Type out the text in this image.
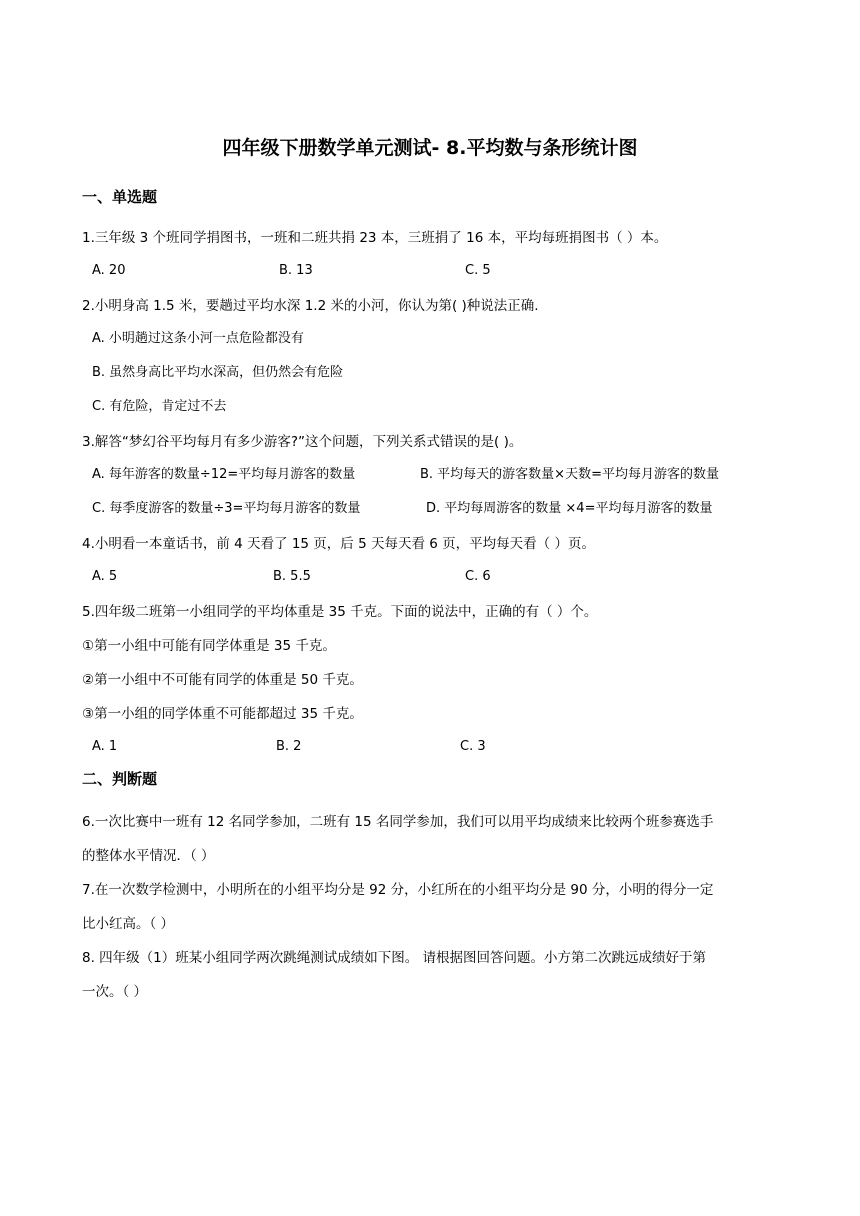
四年级下册数学单元测试- 8.平均数与条形统计图
一、单选题
1.三年级 3 个班同学捐图书，一班和二班共捐 23 本，三班捐了 16 本，平均每班捐图书（ ）本。
A. 20	B. 13	C. 5
2.小明身高 1.5 米，要趟过平均水深 1.2 米的小河，你认为第( )种说法正确.
A. 小明趟过这条小河一点危险都没有
B. 虽然身高比平均水深高，但仍然会有危险
C. 有危险，肯定过不去
3.解答“梦幻谷平均每月有多少游客?”这个问题，下列关系式错误的是( )。
A. 每年游客的数量÷12=平均每月游客的数量	B. 平均每天的游客数量×天数=平均每月游客的数量
C. 每季度游客的数量÷3=平均每月游客的数量	D. 平均每周游客的数量 ×4=平均每月游客的数量
4.小明看一本童话书，前 4 天看了 15 页，后 5 天每天看 6 页，平均每天看（ ）页。
A. 5	B. 5.5	C. 6
5.四年级二班第一小组同学的平均体重是 35 千克。下面的说法中，正确的有（ ）个。
①第一小组中可能有同学体重是 35 千克。
②第一小组中不可能有同学的体重是 50 千克。
③第一小组的同学体重不可能都超过 35 千克。
A. 1	B. 2	C. 3
二、判断题
6.一次比赛中一班有 12 名同学参加，二班有 15 名同学参加，我们可以用平均成绩来比较两个班参赛选手
的整体水平情况．（ ）
7.在一次数学检测中，小明所在的小组平均分是 92 分，小红所在的小组平均分是 90 分，小明的得分一定
比小红高。（ ）
8. 四年级（1）班某小组同学两次跳绳测试成绩如下图。 请根据图回答问题。小方第二次跳远成绩好于第
一次。（ ）
